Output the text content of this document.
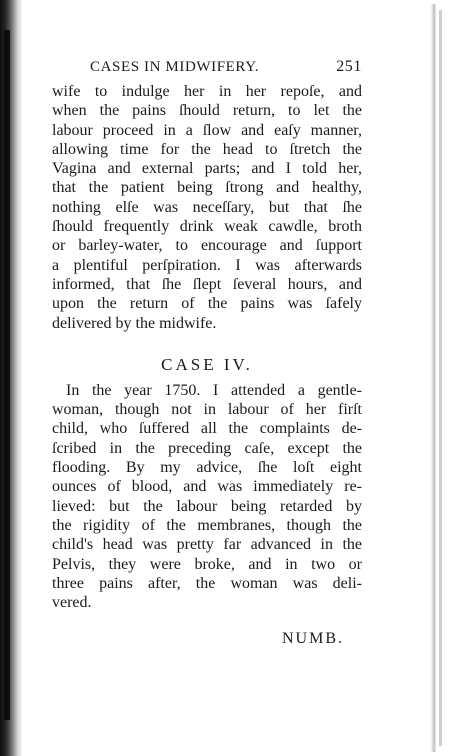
CASES IN MIDWIFERY.	251
wife to indulge her in her repoſe, and
when the pains ſhould return, to let the
labour proceed in a ſlow and eaſy manner,
allowing time for the head to ſtretch the
Vagina and external parts; and I told her,
that the patient being ſtrong and healthy,
nothing elſe was neceſſary, but that ſhe
ſhould frequently drink weak cawdle, broth
or barley-water, to encourage and ſupport
a plentiful perſpiration. I was afterwards
informed, that ſhe ſlept ſeveral hours, and
upon the return of the pains was ſafely
delivered by the midwife.
CASE IV.
In the year 1750. I attended a gentle-
woman, though not in labour of her firſt
child, who ſuffered all the complaints de-
ſcribed in the preceding caſe, except the
flooding. By my advice, ſhe loſt eight
ounces of blood, and was immediately re-
lieved: but the labour being retarded by
the rigidity of the membranes, though the
child's head was pretty far advanced in the
Pelvis, they were broke, and in two or
three pains after, the woman was deli-
vered.
NUMB.
